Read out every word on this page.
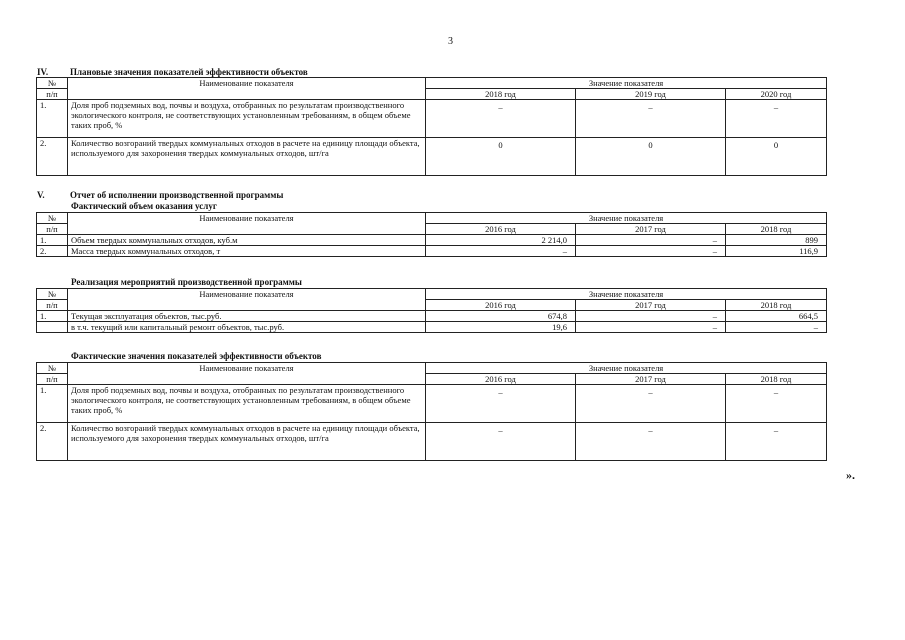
3
IV. Плановые значения показателей эффективности объектов
№	Наименование показателя	Значение показателя		
п/п		2018 год	2019 год	2020 год
1.	Доля проб подземных вод, почвы и воздуха, отобранных по результатам производственного экологического контроля, не соответствующих установленным требованиям, в общем объеме таких проб, %	–	–	–
2.	Количество возгораний твердых коммунальных отходов в расчете на единицу площади объекта, используемого для захоронения твердых коммунальных отходов, шт/га	0	0	0
V.	Отчет об исполнении производственной программы
Фактический объем оказания услуг
№	Наименование показателя	Значение показателя		
п/п		2016 год	2017 год	2018 год
1.	Объем твердых коммунальных отходов, куб.м	2 214,0	–	899
2.	Масса твердых коммунальных отходов, т	–	–	116,9
Реализация мероприятий производственной программы
№	Наименование показателя	Значение показателя		
п/п		2016 год	2017 год	2018 год
1.	Текущая эксплуатация объектов, тыс.руб.	674,8	–	664,5
	в т.ч. текущий или капитальный ремонт объектов, тыс.руб.	19,6	–	–
Фактические значения показателей эффективности объектов
№	Наименование показателя	Значение показателя		
п/п		2016 год	2017 год	2018 год
1.	Доля проб подземных вод, почвы и воздуха, отобранных по результатам производственного экологического контроля, не соответствующих установленным требованиям, в общем объеме таких проб, %	–	–	–
2.	Количество возгораний твердых коммунальных отходов в расчете на единицу площади объекта, используемого для захоронения твердых коммунальных отходов, шт/га	–	–	–
».
